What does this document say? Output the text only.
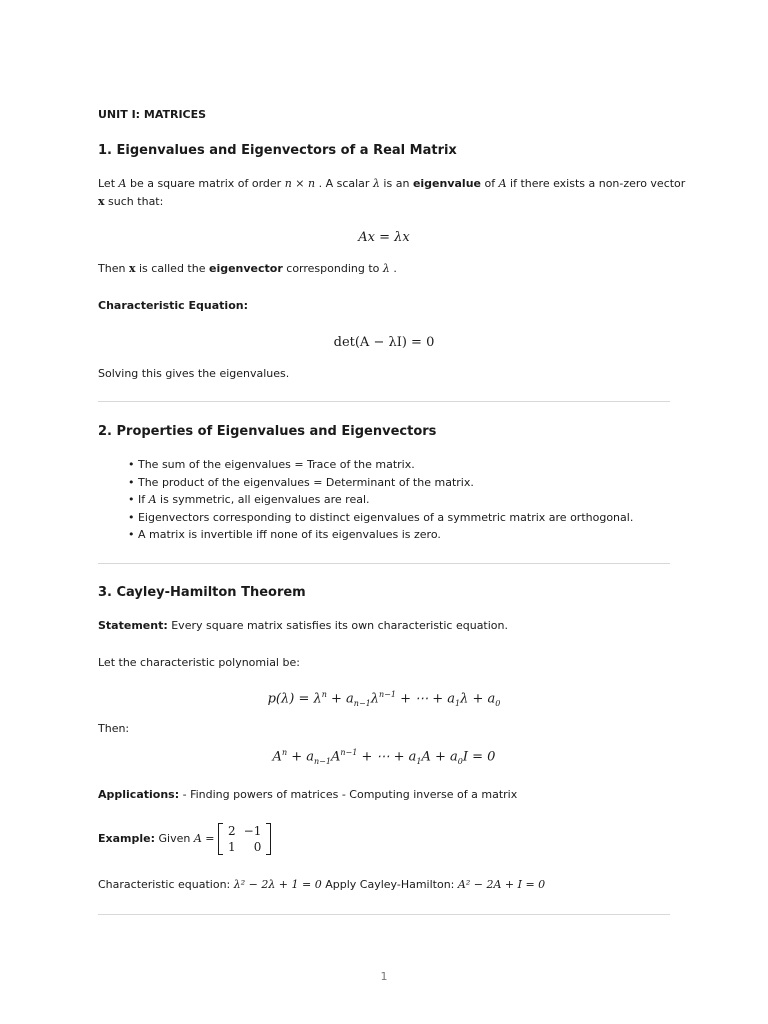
UNIT I: MATRICES
1. Eigenvalues and Eigenvectors of a Real Matrix
Let A be a square matrix of order n × n . A scalar λ is an eigenvalue of A if there exists a non-zero vector
x such that:
Ax = λx
Then x is called the eigenvector corresponding to λ .
Characteristic Equation:
det(A − λI) = 0
Solving this gives the eigenvalues.
2. Properties of Eigenvalues and Eigenvectors
• The sum of the eigenvalues = Trace of the matrix.
• The product of the eigenvalues = Determinant of the matrix.
• If A is symmetric, all eigenvalues are real.
• Eigenvectors corresponding to distinct eigenvalues of a symmetric matrix are orthogonal.
• A matrix is invertible iff none of its eigenvalues is zero.
3. Cayley-Hamilton Theorem
Statement: Every square matrix satisfies its own characteristic equation.
Let the characteristic polynomial be:
$p(\lambda) = \lambda^n + a_{n-1}\lambda^{n-1}$ + ⋯ + $a_1\lambda + a_0$
Then:
$A^n + a_{n-1}A^{n-1}$ + ⋯ + $a_1A + a_0I = 0$
Applications: - Finding powers of matrices - Computing inverse of a matrix
Example: Given A =
2	−1
1	0
Characteristic equation: λ² − 2λ + 1 = 0 Apply Cayley-Hamilton: A² − 2A + I = 0
1
